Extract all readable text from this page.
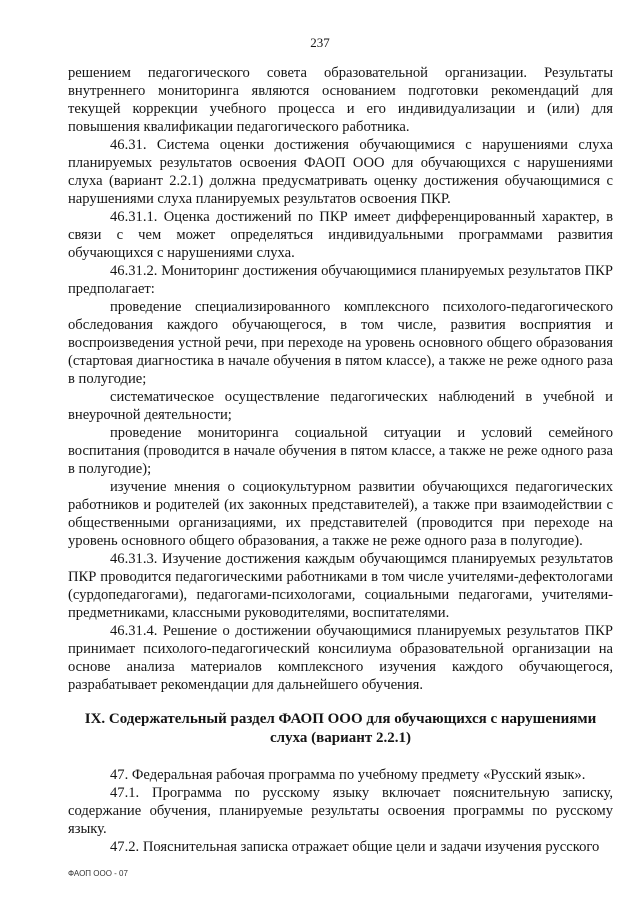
237

решением педагогического совета образовательной организации. Результаты внутреннего мониторинга являются основанием подготовки рекомендаций для текущей коррекции учебного процесса и его индивидуализации и (или) для повышения квалификации педагогического работника.

46.31. Система оценки достижения обучающимися с нарушениями слуха планируемых результатов освоения ФАОП ООО для обучающихся с нарушениями слуха (вариант 2.2.1) должна предусматривать оценку достижения обучающимися с нарушениями слуха планируемых результатов освоения ПКР.

46.31.1. Оценка достижений по ПКР имеет дифференцированный характер, в связи с чем может определяться индивидуальными программами развития обучающихся с нарушениями слуха.

46.31.2. Мониторинг достижения обучающимися планируемых результатов ПКР предполагает:

проведение специализированного комплексного психолого-педагогического обследования каждого обучающегося, в том числе, развития восприятия и воспроизведения устной речи, при переходе на уровень основного общего образования (стартовая диагностика в начале обучения в пятом классе), а также не реже одного раза в полугодие;

систематическое осуществление педагогических наблюдений в учебной и внеурочной деятельности;

проведение мониторинга социальной ситуации и условий семейного воспитания (проводится в начале обучения в пятом классе, а также не реже одного раза в полугодие);

изучение мнения о социокультурном развитии обучающихся педагогических работников и родителей (их законных представителей), а также при взаимодействии с общественными организациями, их представителей (проводится при переходе на уровень основного общего образования, а также не реже одного раза в полугодие).

46.31.3. Изучение достижения каждым обучающимся планируемых результатов ПКР проводится педагогическими работниками в том числе учителями-дефектологами (сурдопедагогами), педагогами-психологами, социальными педагогами, учителями-предметниками, классными руководителями, воспитателями.

46.31.4. Решение о достижении обучающимися планируемых результатов ПКР принимает психолого-педагогический консилиума образовательной организации на основе анализа материалов комплексного изучения каждого обучающегося, разрабатывает рекомендации для дальнейшего обучения.

IX. Содержательный раздел ФАОП ООО для обучающихся с нарушениями слуха (вариант 2.2.1)

47. Федеральная рабочая программа по учебному предмету «Русский язык».

47.1. Программа по русскому языку включает пояснительную записку, содержание обучения, планируемые результаты освоения программы по русскому языку.

47.2. Пояснительная записка отражает общие цели и задачи изучения русского

ФАОП ООО - 07
